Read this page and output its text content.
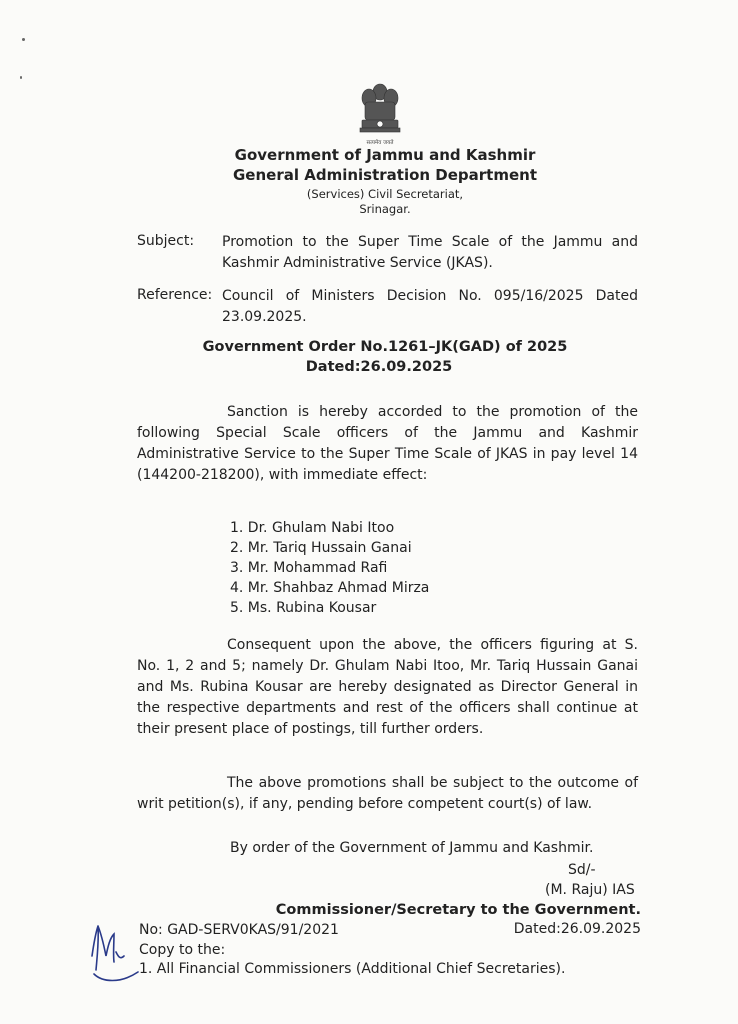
सत्यमेव जयते
Government of Jammu and Kashmir
General Administration Department
(Services) Civil Secretariat,
Srinagar.
Subject: Promotion to the Super Time Scale of the Jammu and
Kashmir Administrative Service (JKAS).
Reference: Council of Ministers Decision No. 095/16/2025 Dated
23.09.2025.
Government Order No.1261–JK(GAD) of 2025
Dated:26.09.2025
Sanction is hereby accorded to the promotion of the
following Special Scale officers of the Jammu and Kashmir
Administrative Service to the Super Time Scale of JKAS in pay level 14
(144200-218200), with immediate effect:
1. Dr. Ghulam Nabi Itoo
2. Mr. Tariq Hussain Ganai
3. Mr. Mohammad Rafi
4. Mr. Shahbaz Ahmad Mirza
5. Ms. Rubina Kousar
Consequent upon the above, the officers figuring at S.
No. 1, 2 and 5; namely Dr. Ghulam Nabi Itoo, Mr. Tariq Hussain Ganai
and Ms. Rubina Kousar are hereby designated as Director General in
the respective departments and rest of the officers shall continue at
their present place of postings, till further orders.
The above promotions shall be subject to the outcome of
writ petition(s), if any, pending before competent court(s) of law.
By order of the Government of Jammu and Kashmir.
Sd/-
(M. Raju) IAS
Commissioner/Secretary to the Government.
No: GAD-SERV0KAS/91/2021	Dated:26.09.2025
Copy to the:
1. All Financial Commissioners (Additional Chief Secretaries).
